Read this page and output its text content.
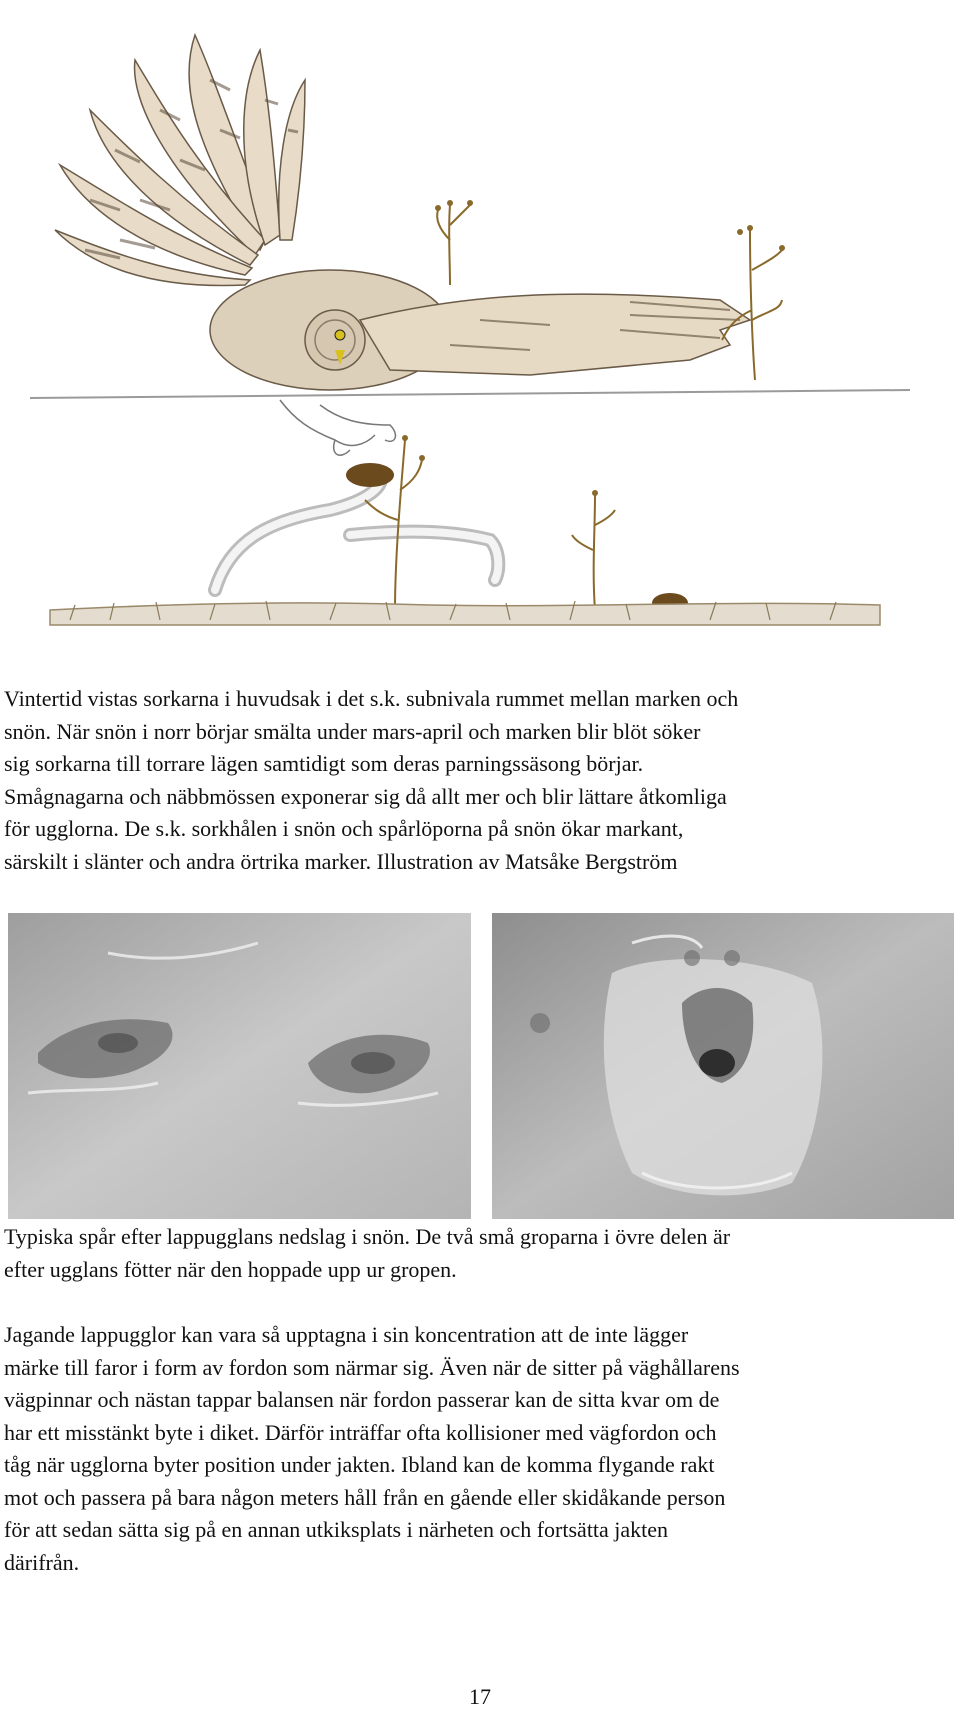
Vintertid vistas sorkarna i huvudsak i det s.k. subnivala rummet mellan marken och
snön. När snön i norr börjar smälta under mars-april och marken blir blöt söker
sig sorkarna till torrare lägen samtidigt som deras parningssäsong börjar.
Smågnagarna och näbbmössen exponerar sig då allt mer och blir lättare åtkomliga
för ugglorna. De s.k. sorkhålen i snön och spårlöporna på snön ökar markant,
särskilt i slänter och andra örtrika marker. Illustration av Matsåke Bergström

Typiska spår efter lappugglans nedslag i snön. De två små groparna i övre delen är
efter ugglans fötter när den hoppade upp ur gropen.

Jagande lappugglor kan vara så upptagna i sin koncentration att de inte lägger
märke till faror i form av fordon som närmar sig. Även när de sitter på väghållarens
vägpinnar och nästan tappar balansen när fordon passerar kan de sitta kvar om de
har ett misstänkt byte i diket. Därför inträffar ofta kollisioner med vägfordon och
tåg när ugglorna byter position under jakten. Ibland kan de komma flygande rakt
mot och passera på bara någon meters håll från en gående eller skidåkande person
för att sedan sätta sig på en annan utkiksplats i närheten och fortsätta jakten
därifrån.

17
